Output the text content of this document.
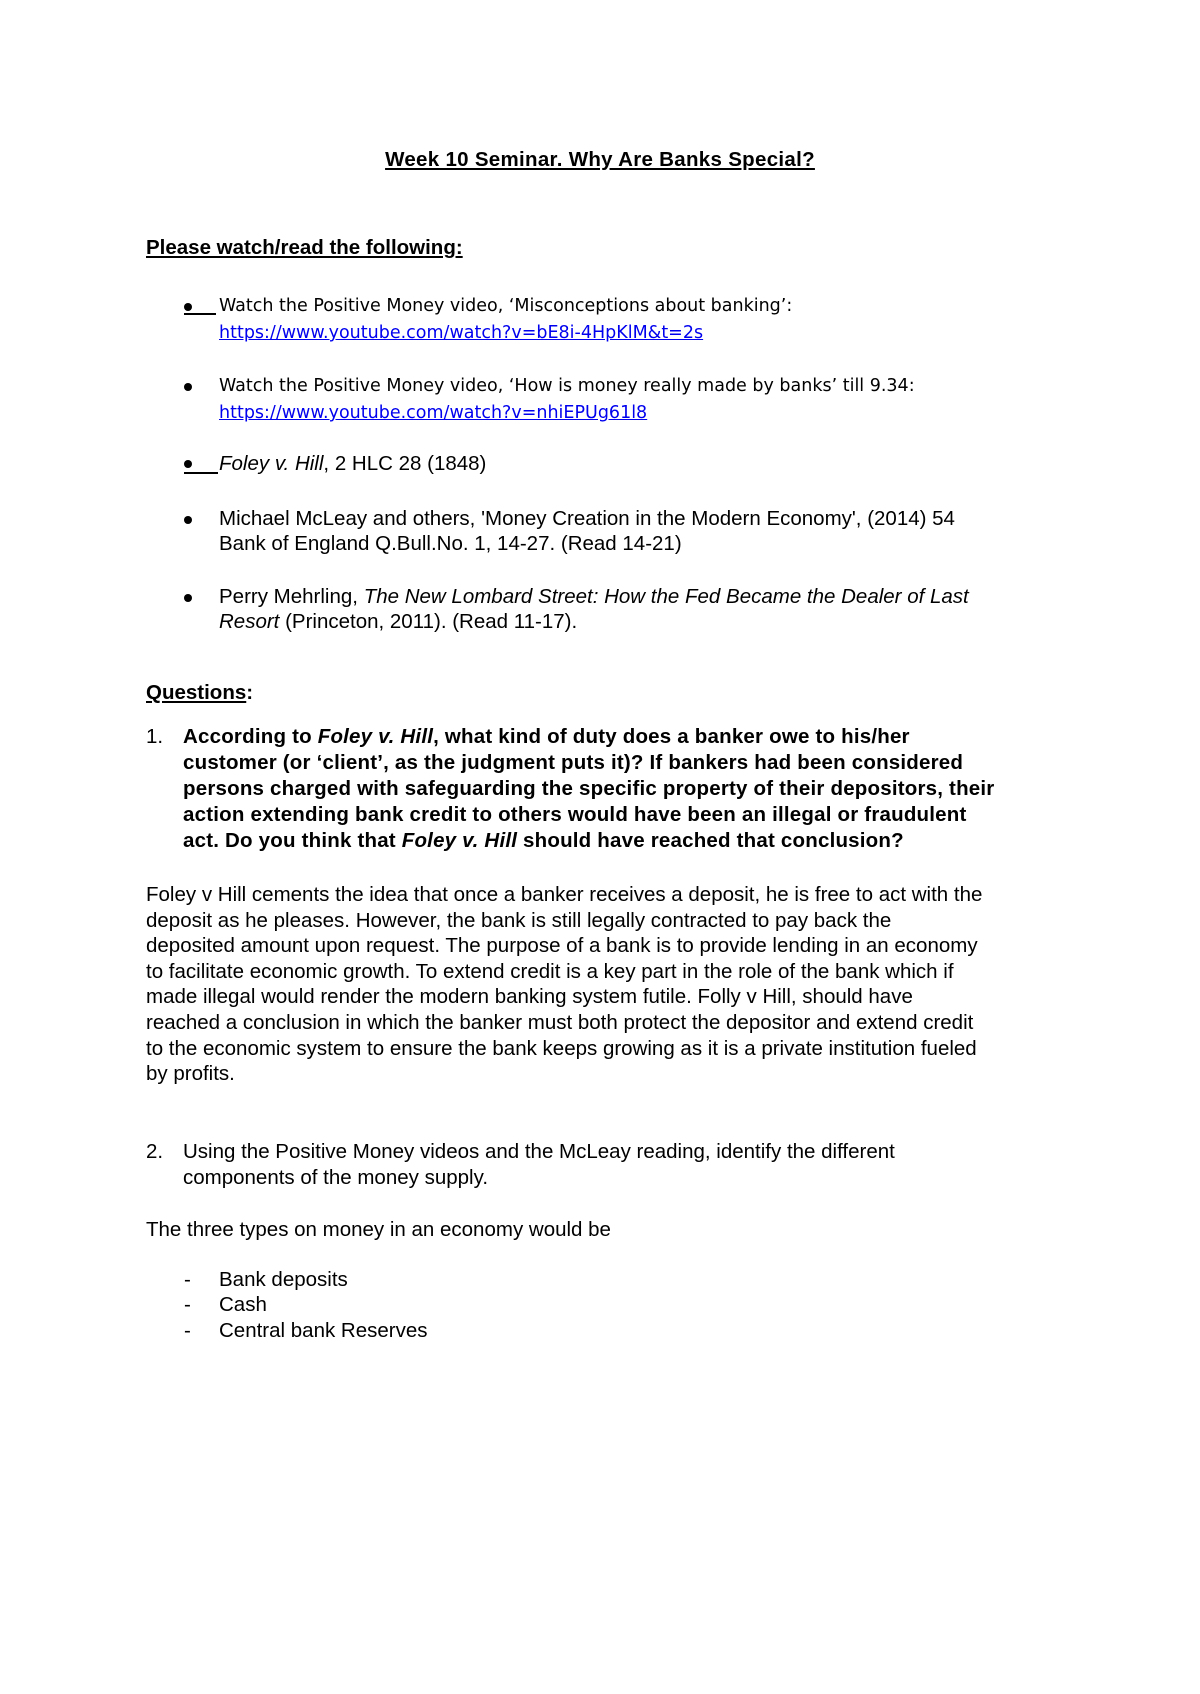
Week 10 Seminar. Why Are Banks Special?
Please watch/read the following:
Watch the Positive Money video, ‘Misconceptions about banking’:
https://www.youtube.com/watch?v=bE8i-4HpKlM&t=2s
Watch the Positive Money video, ‘How is money really made by banks’ till 9.34:
https://www.youtube.com/watch?v=nhiEPUg61l8
Foley v. Hill, 2 HLC 28 (1848)
Michael McLeay and others, 'Money Creation in the Modern Economy', (2014) 54
Bank of England Q.Bull.No. 1, 14-27. (Read 14-21)
Perry Mehrling, The New Lombard Street: How the Fed Became the Dealer of Last
Resort (Princeton, 2011). (Read 11-17).
Questions:
1. According to Foley v. Hill, what kind of duty does a banker owe to his/her
customer (or ‘client’, as the judgment puts it)? If bankers had been considered
persons charged with safeguarding the specific property of their depositors, their
action extending bank credit to others would have been an illegal or fraudulent
act. Do you think that Foley v. Hill should have reached that conclusion?
Foley v Hill cements the idea that once a banker receives a deposit, he is free to act with the
deposit as he pleases. However, the bank is still legally contracted to pay back the
deposited amount upon request. The purpose of a bank is to provide lending in an economy
to facilitate economic growth. To extend credit is a key part in the role of the bank which if
made illegal would render the modern banking system futile. Folly v Hill, should have
reached a conclusion in which the banker must both protect the depositor and extend credit
to the economic system to ensure the bank keeps growing as it is a private institution fueled
by profits.
2. Using the Positive Money videos and the McLeay reading, identify the different
components of the money supply.
The three types on money in an economy would be
- Bank deposits
- Cash
- Central bank Reserves
